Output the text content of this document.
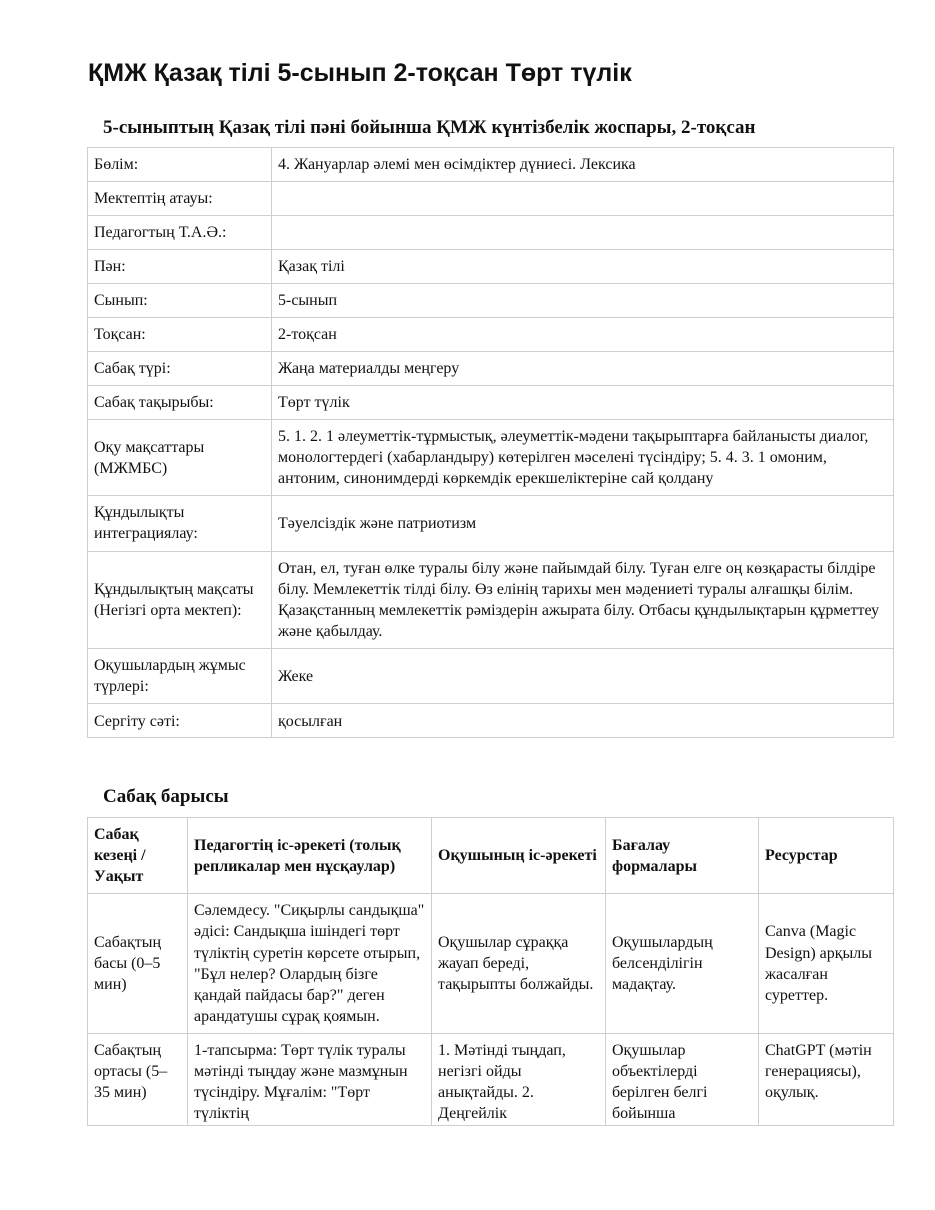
ҚМЖ Қазақ тілі 5-сынып 2-тоқсан Төрт түлік
5-сыныптың Қазақ тілі пәні бойынша ҚМЖ күнтізбелік жоспары, 2-тоқсан
Бөлім:	4. Жануарлар әлемі мен өсімдіктер дүниесі. Лексика
Мектептің атауы:	
Педагогтың Т.А.Ә.:	
Пән:	Қазақ тілі
Сынып:	5-сынып
Тоқсан:	2-тоқсан
Сабақ түрі:	Жаңа материалды меңгеру
Сабақ тақырыбы:	Төрт түлік
Оқу мақсаттары (МЖМБС)	5. 1. 2. 1 әлеуметтік-тұрмыстық, әлеуметтік-мәдени тақырыптарға байланысты диалог, монологтердегі (хабарландыру) көтерілген мәселені түсіндіру; 5. 4. 3. 1 омоним, антоним, синонимдерді көркемдік ерекшеліктеріне сай қолдану
Құндылықты интеграциялау:	Тәуелсіздік және патриотизм
Құндылықтың мақсаты (Негізгі орта мектеп):	Отан, ел, туған өлке туралы білу және пайымдай білу. Туған елге оң көзқарасты білдіре білу. Мемлекеттік тілді білу. Өз елінің тарихы мен мәдениеті туралы алғашқы білім. Қазақстанның мемлекеттік рәміздерін ажырата білу. Отбасы құндылықтарын құрметтеу және қабылдау.
Оқушылардың жұмыс түрлері:	Жеке
Сергіту сәті:	қосылған
Сабақ барысы
Сабақ кезеңі / Уақыт	Педагогтің іс-әрекеті (толық репликалар мен нұсқаулар)	Оқушының іс-әрекеті	Бағалау формалары	Ресурстар
Сабақтың басы (0–5 мин)	Сәлемдесу. "Сиқырлы сандықша" әдісі: Сандықша ішіндегі төрт түліктің суретін көрсете отырып, "Бұл нелер? Олардың бізге қандай пайдасы бар?" деген арандатушы сұрақ қоямын.	Оқушылар сұраққа жауап береді, тақырыпты болжайды.	Оқушылардың белсенділігін мадақтау.	Canva (Magic Design) арқылы жасалған суреттер.
Сабақтың ортасы (5–35 мин)	1-тапсырма: Төрт түлік туралы мәтінді тыңдау және мазмұнын түсіндіру. Мұғалім: "Төрт түліктің	1. Мәтінді тыңдап, негізгі ойды анықтайды. 2. Деңгейлік	Оқушылар объектілерді берілген белгі бойынша	ChatGPT (мәтін генерациясы), оқулық.
